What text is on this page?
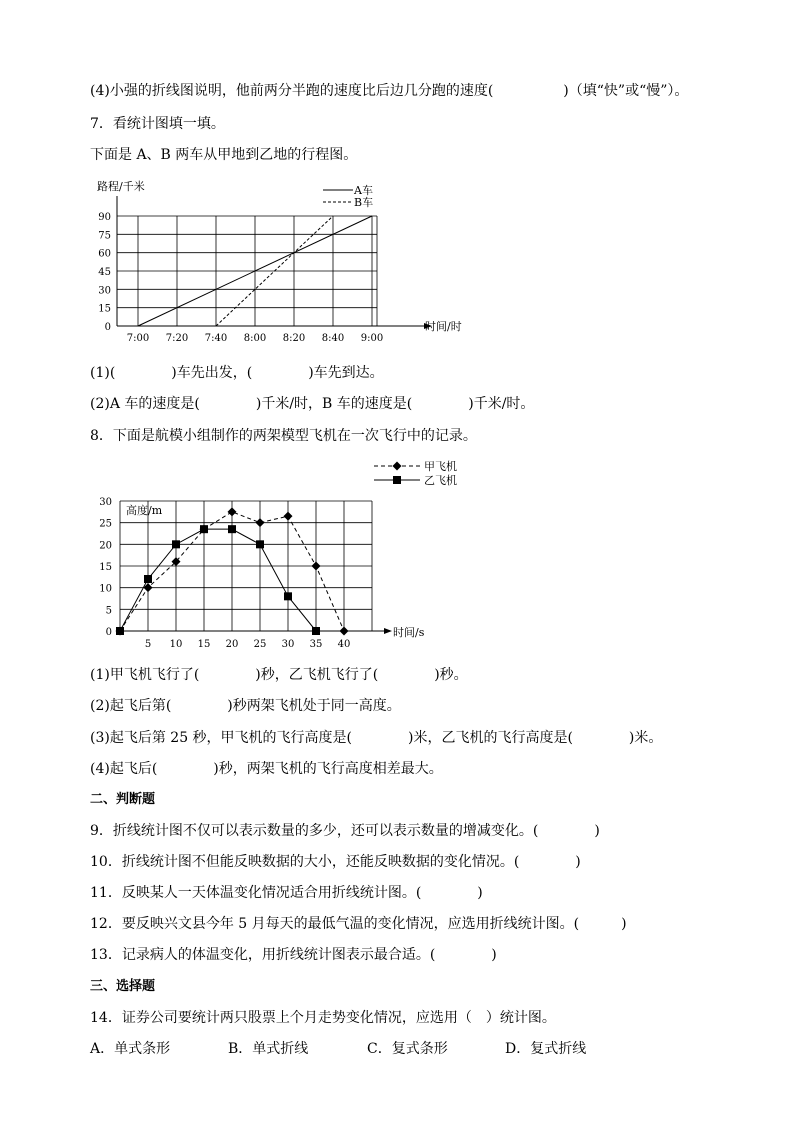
(4)小强的折线图说明，他前两分半跑的速度比后边几分跑的速度(　　　　　)（填“快”或“慢”）。
7．看统计图填一填。
下面是 A、B 两车从甲地到乙地的行程图。
0
15
30
45
60
75
90
7:00 7:20 7:40 8:00 8:20 8:40 9:00
路程/千米
时间/时
A车
B车
(1)(　　　　)车先出发，(　　　　)车先到达。
(2)A 车的速度是(　　　　)千米/时，B 车的速度是(　　　　)千米/时。
8．下面是航模小组制作的两架模型飞机在一次飞行中的记录。
0
5
10
15
20
25
30
5 10 15 20 25 30 35 40
高度/m
时间/s
甲飞机
乙飞机
(1)甲飞机飞行了(　　　　)秒，乙飞机飞行了(　　　　)秒。
(2)起飞后第(　　　　)秒两架飞机处于同一高度。
(3)起飞后第 25 秒，甲飞机的飞行高度是(　　　　)米，乙飞机的飞行高度是(　　　　)米。
(4)起飞后(　　　　)秒，两架飞机的飞行高度相差最大。
二、判断题
9．折线统计图不仅可以表示数量的多少，还可以表示数量的增减变化。(　　　　)
10．折线统计图不但能反映数据的大小，还能反映数据的变化情况。(　　　　)
11．反映某人一天体温变化情况适合用折线统计图。(　　　　)
12．要反映兴文县今年 5 月每天的最低气温的变化情况，应选用折线统计图。(　　　)
13．记录病人的体温变化，用折线统计图表示最合适。(　　　　)
三、选择题
14．证券公司要统计两只股票上个月走势变化情况，应选用（　）统计图。
A．单式条形	B．单式折线	C．复式条形	D．复式折线
